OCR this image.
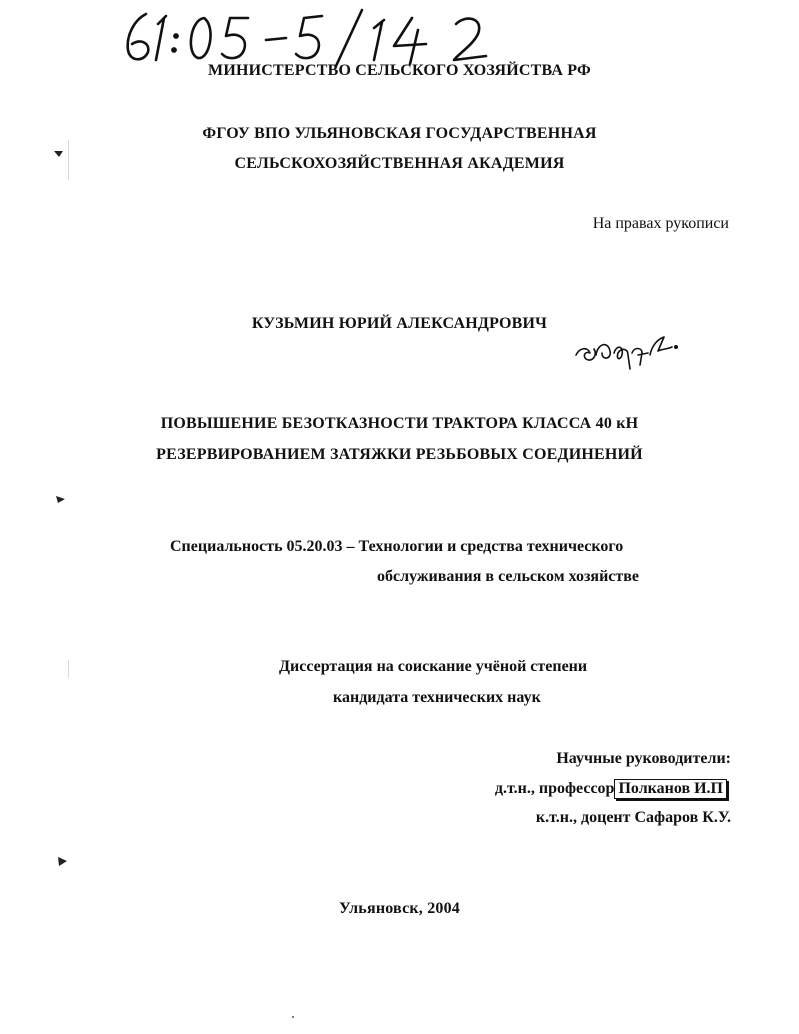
МИНИСТЕРСТВО СЕЛЬСКОГО ХОЗЯЙСТВА РФ
ФГОУ ВПО УЛЬЯНОВСКАЯ ГОСУДАРСТВЕННАЯ
СЕЛЬСКОХОЗЯЙСТВЕННАЯ АКАДЕМИЯ
На правах рукописи
КУЗЬМИН ЮРИЙ АЛЕКСАНДРОВИЧ
ПОВЫШЕНИЕ БЕЗОТКАЗНОСТИ ТРАКТОРА КЛАССА 40 кН
РЕЗЕРВИРОВАНИЕМ ЗАТЯЖКИ РЕЗЬБОВЫХ СОЕДИНЕНИЙ
Специальность 05.20.03 – Технологии и средства технического
обслуживания в сельском хозяйстве
Диссертация на соискание учёной степени
кандидата технических наук
Научные руководители:
д.т.н., профессор Полканов И.П
к.т.н., доцент Сафаров К.У.
Ульяновск, 2004
